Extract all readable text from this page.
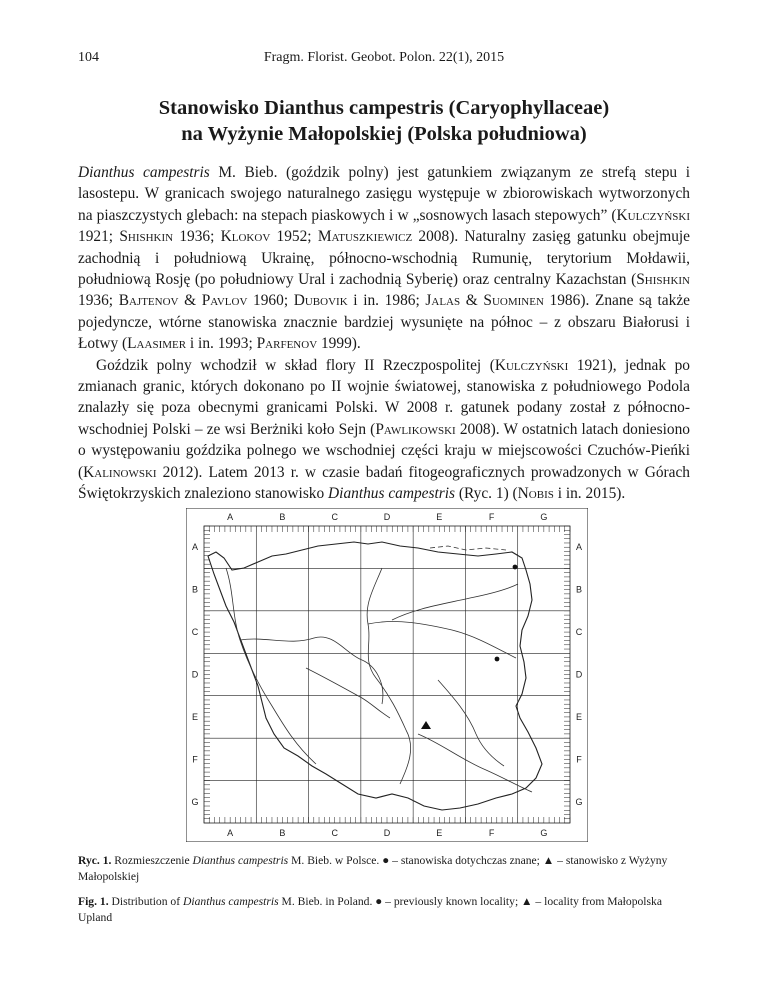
104	Fragm. Florist. Geobot. Polon. 22(1), 2015
Stanowisko Dianthus campestris (Caryophyllaceae)
na Wyżynie Małopolskiej (Polska południowa)

Dianthus campestris M. Bieb. (goździk polny) jest gatunkiem związanym ze strefą stepu i lasostepu. W granicach swojego naturalnego zasięgu występuje w zbiorowiskach wytworzonych na piaszczystych glebach: na stepach piaskowych i w „sosnowych lasach stepowych” (Kulczyński 1921; Shishkin 1936; Klokov 1952; Matuszkiewicz 2008). Naturalny zasięg gatunku obejmuje zachodnią i południową Ukrainę, północno-wschodnią Rumunię, terytorium Mołdawii, południową Rosję (po południowy Ural i zachodnią Syberię) oraz centralny Kazachstan (Shishkin 1936; Bajtenov & Pavlov 1960; Dubovik i in. 1986; Jalas & Suominen 1986). Znane są także pojedyncze, wtórne stanowiska znacznie bardziej wysunięte na północ – z obszaru Białorusi i Łotwy (Laasimer i in. 1993; Parfenov 1999).

Goździk polny wchodził w skład flory II Rzeczpospolitej (Kulczyński 1921), jednak po zmianach granic, których dokonano po II wojnie światowej, stanowiska z południowego Podola znalazły się poza obecnymi granicami Polski. W 2008 r. gatunek podany został z północno-wschodniej Polski – ze wsi Berżniki koło Sejn (Pawlikowski 2008). W ostatnich latach doniesiono o występowaniu goździka polnego we wschodniej części kraju w miejscowości Czuchów-Pieńki (Kalinowski 2012). Latem 2013 r. w czasie badań fitogeograficznych prowadzonych w Górach Świętokrzyskich znaleziono stanowisko Dianthus campestris (Ryc. 1) (Nobis i in. 2015).

A
A
B
B
C
C
D
D
E
E
F
F
G
G
A	A
B	B
C	C
D	D
E	E
F	F
G	G
Ryc. 1. Rozmieszczenie Dianthus campestris M. Bieb. w Polsce. ● – stanowiska dotychczas znane; ▲ – stanowisko z Wyżyny Małopolskiej
Fig. 1. Distribution of Dianthus campestris M. Bieb. in Poland. ● – previously known locality; ▲ – locality from Małopolska Upland
